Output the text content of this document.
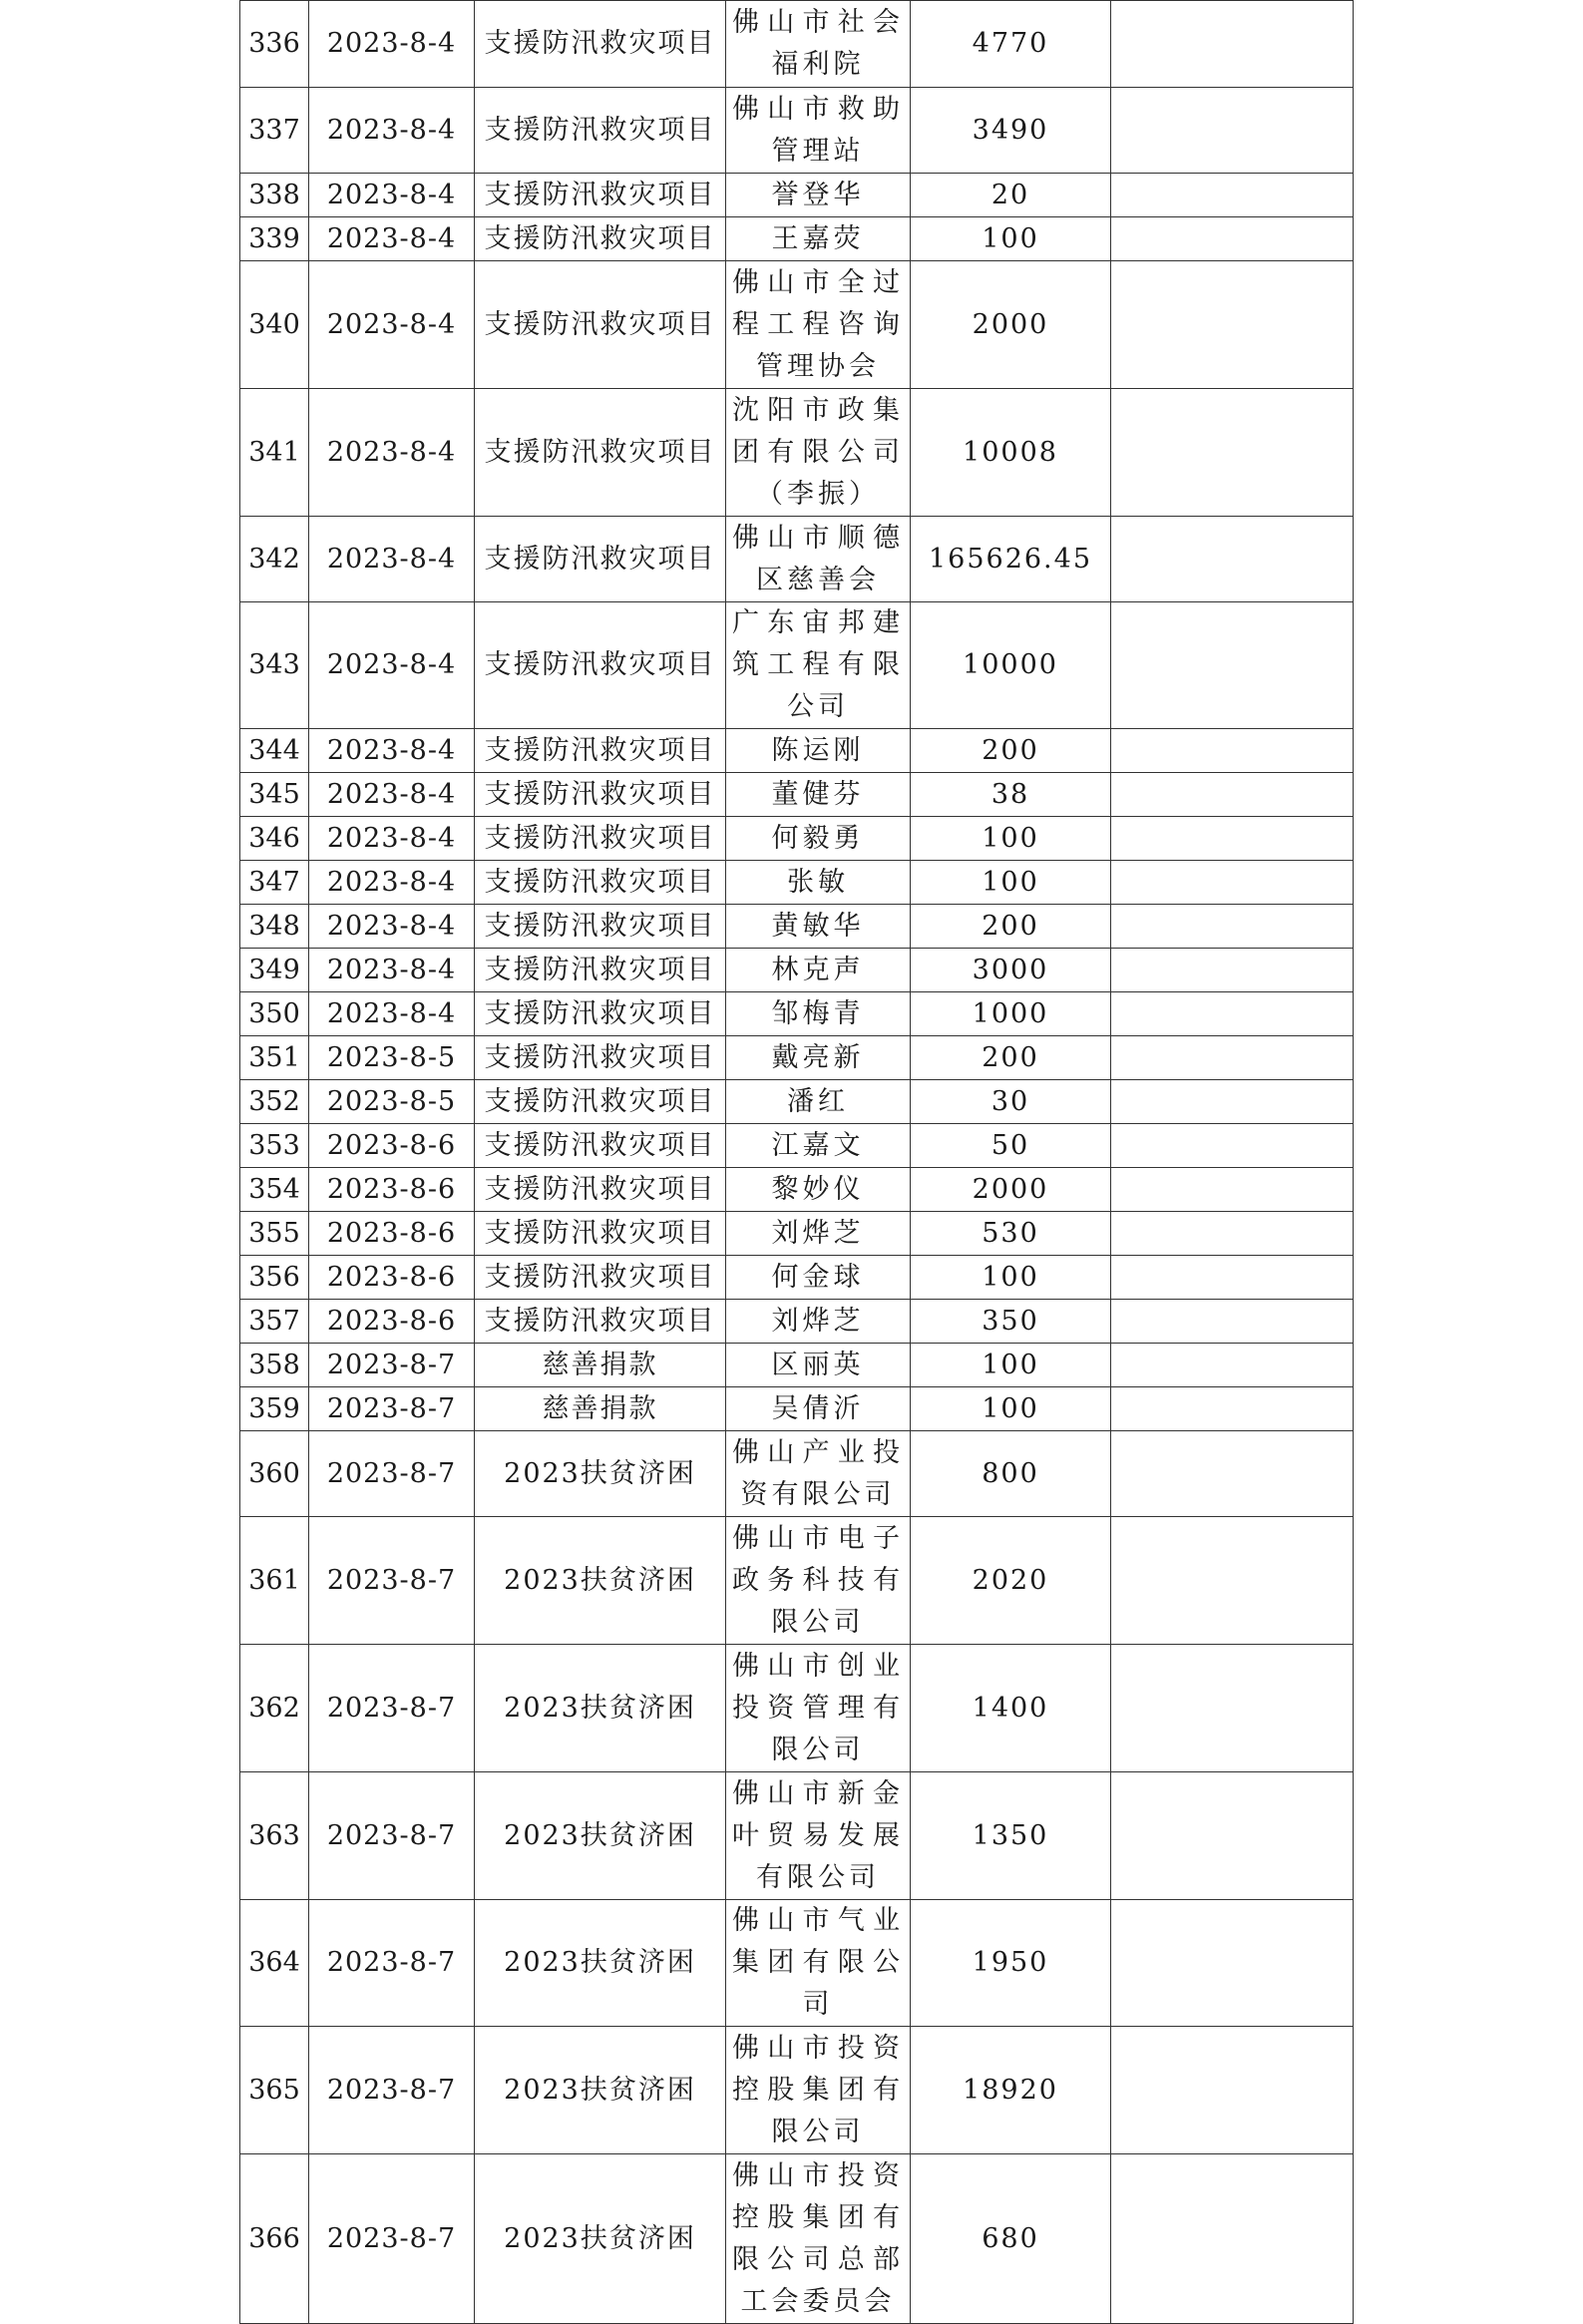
336	2023-8-4	支援防汛救灾项目	佛山市社会福利院	4770	
337	2023-8-4	支援防汛救灾项目	佛山市救助管理站	3490	
338	2023-8-4	支援防汛救灾项目	誉登华	20	
339	2023-8-4	支援防汛救灾项目	王嘉荧	100	
340	2023-8-4	支援防汛救灾项目	佛山市全过程工程咨询管理协会	2000	
341	2023-8-4	支援防汛救灾项目	沈阳市政集团有限公司（李振）	10008	
342	2023-8-4	支援防汛救灾项目	佛山市顺德区慈善会	165626.45	
343	2023-8-4	支援防汛救灾项目	广东宙邦建筑工程有限公司	10000	
344	2023-8-4	支援防汛救灾项目	陈运刚	200	
345	2023-8-4	支援防汛救灾项目	董健芬	38	
346	2023-8-4	支援防汛救灾项目	何毅勇	100	
347	2023-8-4	支援防汛救灾项目	张敏	100	
348	2023-8-4	支援防汛救灾项目	黄敏华	200	
349	2023-8-4	支援防汛救灾项目	林克声	3000	
350	2023-8-4	支援防汛救灾项目	邹梅青	1000	
351	2023-8-5	支援防汛救灾项目	戴亮新	200	
352	2023-8-5	支援防汛救灾项目	潘红	30	
353	2023-8-6	支援防汛救灾项目	江嘉文	50	
354	2023-8-6	支援防汛救灾项目	黎妙仪	2000	
355	2023-8-6	支援防汛救灾项目	刘烨芝	530	
356	2023-8-6	支援防汛救灾项目	何金球	100	
357	2023-8-6	支援防汛救灾项目	刘烨芝	350	
358	2023-8-7	慈善捐款	区丽英	100	
359	2023-8-7	慈善捐款	吴倩沂	100	
360	2023-8-7	2023扶贫济困	佛山产业投资有限公司	800	
361	2023-8-7	2023扶贫济困	佛山市电子政务科技有限公司	2020	
362	2023-8-7	2023扶贫济困	佛山市创业投资管理有限公司	1400	
363	2023-8-7	2023扶贫济困	佛山市新金叶贸易发展有限公司	1350	
364	2023-8-7	2023扶贫济困	佛山市气业集团有限公司	1950	
365	2023-8-7	2023扶贫济困	佛山市投资控股集团有限公司	18920	
366	2023-8-7	2023扶贫济困	佛山市投资控股集团有限公司总部工会委员会	680	
